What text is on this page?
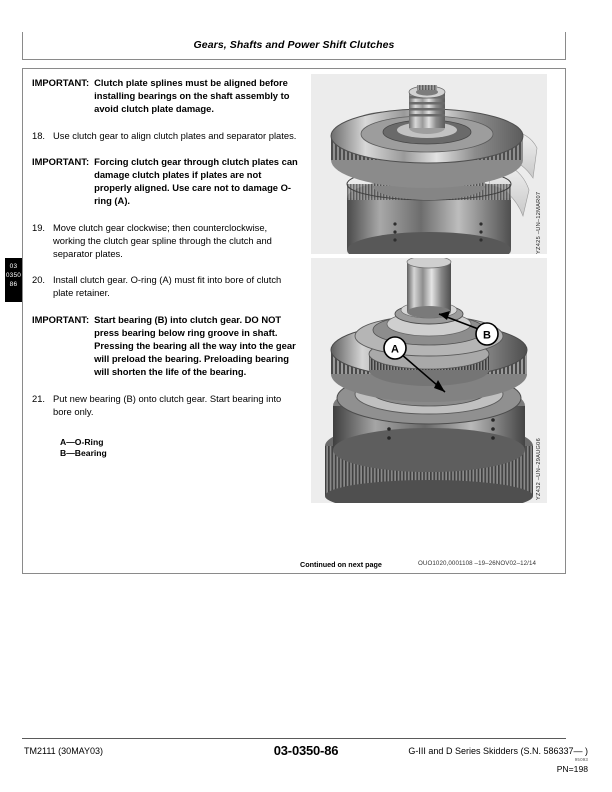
Gears, Shafts and Power Shift Clutches
03
0350
86
IMPORTANT: Clutch plate splines must be aligned before installing bearings on the shaft assembly to avoid clutch plate damage.
18. Use clutch gear to align clutch plates and separator plates.
IMPORTANT: Forcing clutch gear through clutch plates can damage clutch plates if plates are not properly aligned. Use care not to damage O-ring (A).
19. Move clutch gear clockwise; then counterclockwise, working the clutch gear spline through the clutch and separator plates.
20. Install clutch gear. O-ring (A) must fit into bore of clutch plate retainer.
IMPORTANT: Start bearing (B) into clutch gear. DO NOT press bearing below ring groove in shaft. Pressing the bearing all the way into the gear will preload the bearing. Preloading bearing will shorten the life of the bearing.
21. Put new bearing (B) onto clutch gear. Start bearing into bore only.
A—O-Ring
B—Bearing
YZ425 –UN–12MAR07
B
A
YZ432 –UN–29AUG06
Continued on next page	OUO1020,0001108 –19–26NOV02–12/14
TM2111 (30MAY03)	03-0350-86	G-III and D Series Skidders (S.N. 586337— )
95093
PN=198
